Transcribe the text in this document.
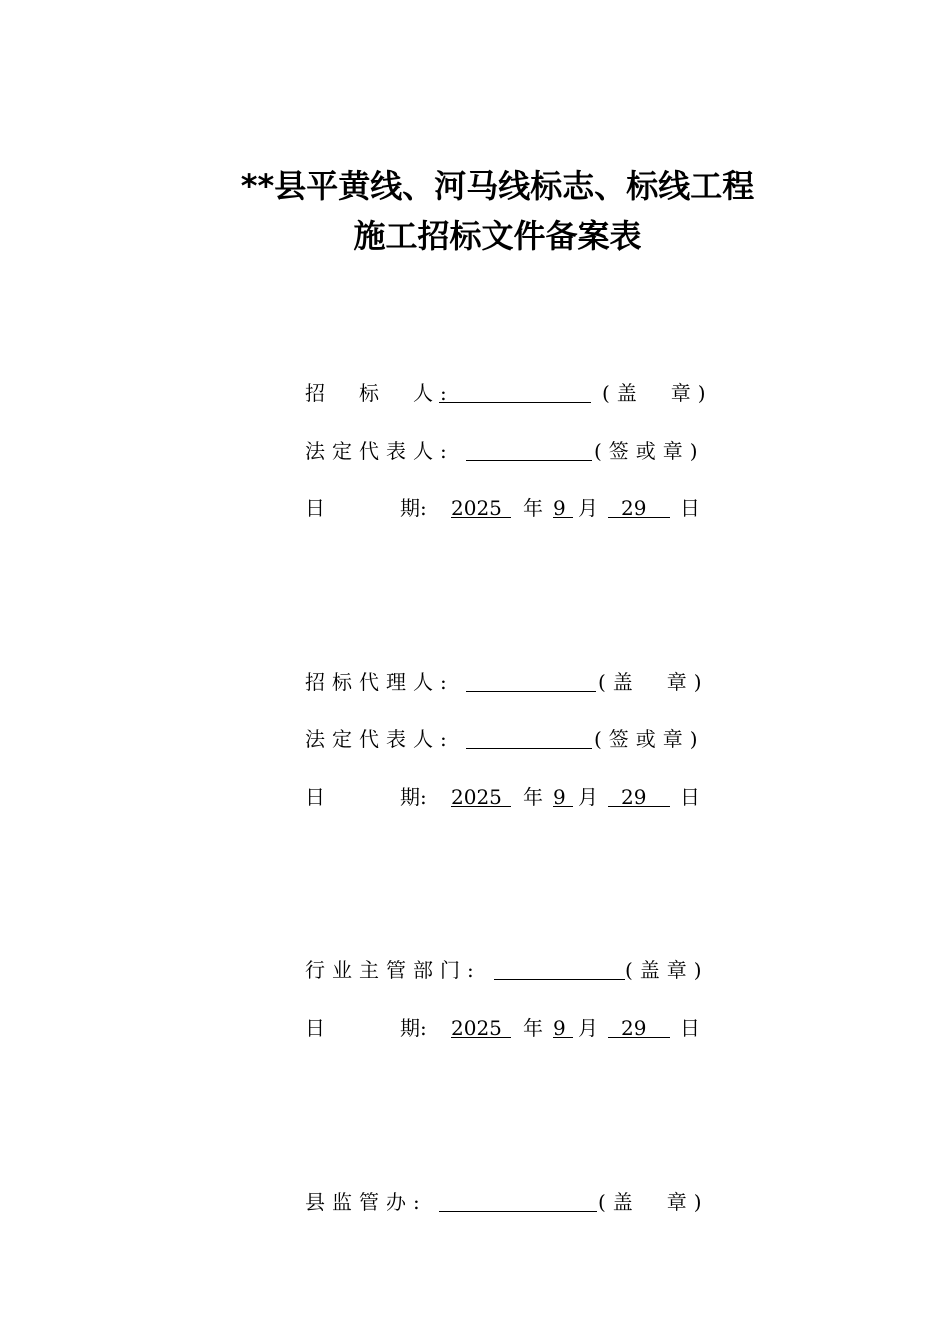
**县平黄线、河马线标志、标线工程
施工招标文件备案表
招　标　人:	(盖　章)
法定代表人:	(签或章)
日	期: 2025 年 9 月 29 日
招标代理人:	(盖　章)
法定代表人:	(签或章)
日	期: 2025 年 9 月 29 日
行业主管部门:	(盖章)
日	期: 2025 年 9 月 29 日
县监管办:	(盖　章)
